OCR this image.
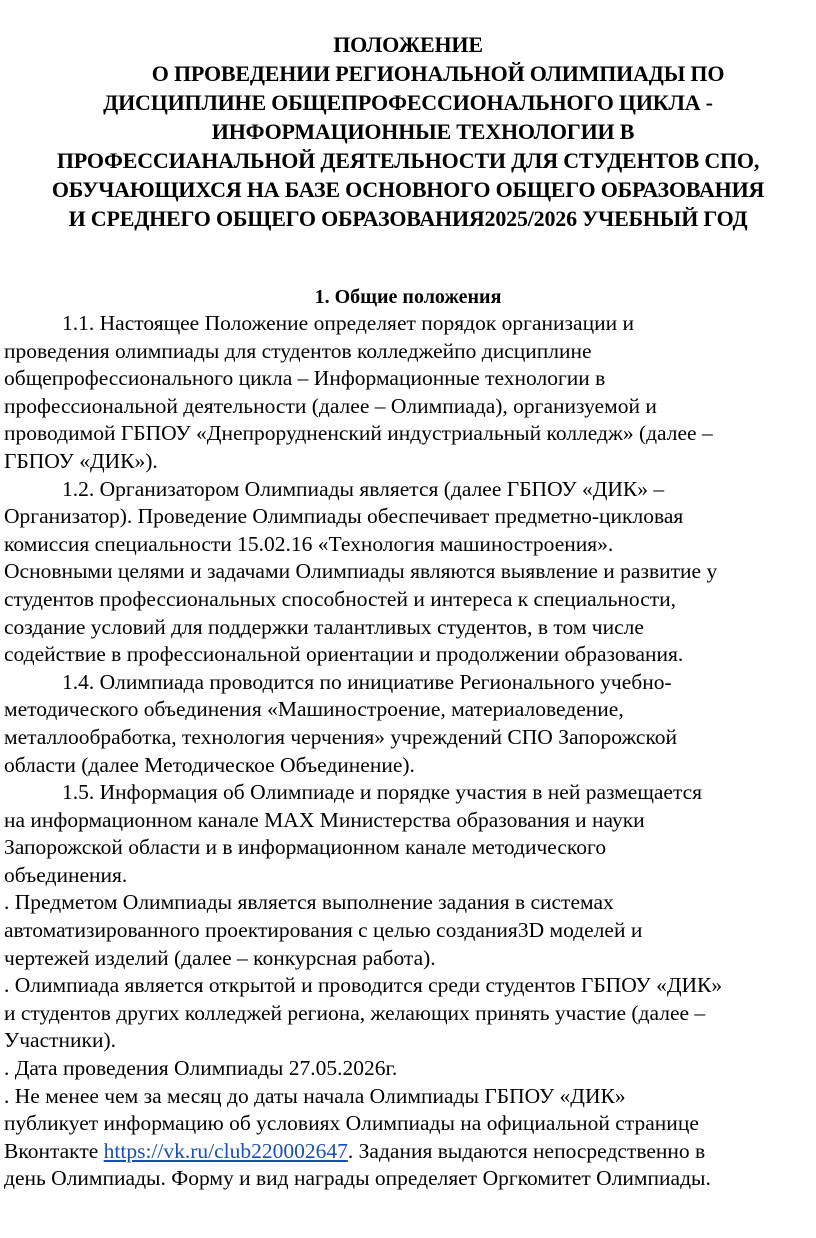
ПОЛОЖЕНИЕ
О ПРОВЕДЕНИИ РЕГИОНАЛЬНОЙ ОЛИМПИАДЫ ПО
ДИСЦИПЛИНЕ ОБЩЕПРОФЕССИОНАЛЬНОГО ЦИКЛА -
ИНФОРМАЦИОННЫЕ ТЕХНОЛОГИИ В
ПРОФЕССИАНАЛЬНОЙ ДЕЯТЕЛЬНОСТИ ДЛЯ СТУДЕНТОВ СПО,
ОБУЧАЮЩИХСЯ НА БАЗЕ ОСНОВНОГО ОБЩЕГО ОБРАЗОВАНИЯ
И СРЕДНЕГО ОБЩЕГО ОБРАЗОВАНИЯ2025/2026 УЧЕБНЫЙ ГОД
1. Общие положения
1.1. Настоящее Положение определяет порядок организации и
проведения олимпиады для студентов колледжейпо дисциплине
общепрофессионального цикла – Информационные технологии в
профессиональной деятельности (далее – Олимпиада), организуемой и
проводимой ГБПОУ «Днепрорудненский индустриальный колледж» (далее –
ГБПОУ «ДИК»).
1.2. Организатором Олимпиады является (далее ГБПОУ «ДИК» –
Организатор). Проведение Олимпиады обеспечивает предметно-цикловая
комиссия специальности 15.02.16 «Технология машиностроения».
Основными целями и задачами Олимпиады являются выявление и развитие у
студентов профессиональных способностей и интереса к специальности,
создание условий для поддержки талантливых студентов, в том числе
содействие в профессиональной ориентации и продолжении образования.
1.4. Олимпиада проводится по инициативе Регионального учебно-
методического объединения «Машиностроение, материаловедение,
металлообработка, технология черчения» учреждений СПО Запорожской
области (далее Методическое Объединение).
1.5. Информация об Олимпиаде и порядке участия в ней размещается
на информационном канале МАХ Министерства образования и науки
Запорожской области и в информационном канале методического
объединения.
. Предметом Олимпиады является выполнение задания в системах
автоматизированного проектирования с целью создания3D моделей и
чертежей изделий (далее – конкурсная работа).
. Олимпиада является открытой и проводится среди студентов ГБПОУ «ДИК»
и студентов других колледжей региона, желающих принять участие (далее –
Участники).
. Дата проведения Олимпиады 27.05.2026г.
. Не менее чем за месяц до даты начала Олимпиады ГБПОУ «ДИК»
публикует информацию об условиях Олимпиады на официальной странице
Вконтакте https://vk.ru/club220002647. Задания выдаются непосредственно в
день Олимпиады. Форму и вид награды определяет Оргкомитет Олимпиады.
